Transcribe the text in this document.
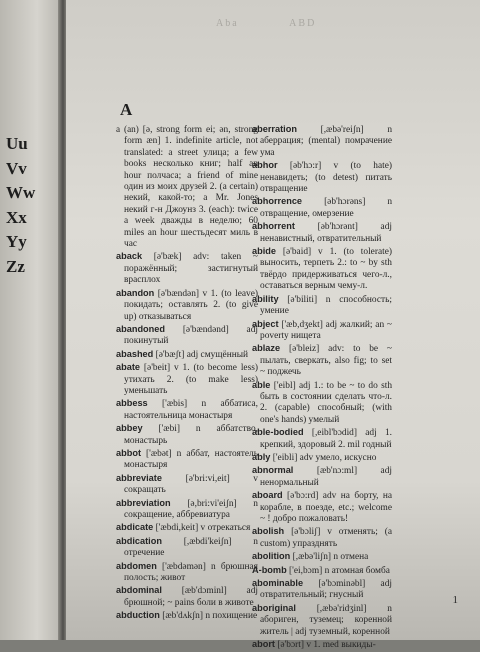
Uu
Vv
Ww
Xx
Yy
Zz
Abа	ABD
A

a (an) [ə, strong form ei; ən, strong form æn] 1. indefinite article, not translated: a street улица; a few books несколько книг; half an hour полчаса; a friend of mine один из моих друзей 2. (a certain) некий, какой-то; a Mr. Jones некий г-н Джоунз 3. (each): twice a week дважды в неделю; 60 miles an hour шестьдесят миль в час

aback [ə'bæk] adv: taken ~ поражённый; застигнутый врасплох

abandon [ə'bændən] v 1. (to leave) покидать; оставлять 2. (to give up) отказываться

abandoned [ə'bændənd] adj покинутый

abashed [ə'bæʃt] adj смущённый

abate [ə'beit] v 1. (to become less) утихать 2. (to make less) уменьшать

abbess ['æbis] n аббатиса, настоятельница монастыря

abbey ['æbi] n аббатство, монастырь

abbot ['æbət] n аббат, настоятель монастыря

abbreviate	[ə'bri:vi,eit] v сокращать

abbreviation [ə,bri:vi'eiʃn] n сокращение, аббревиатура

abdicate ['æbdi,keit] v отрекаться

abdication [,æbdi'keiʃn] n отречение

abdomen ['æbdəmən] n брюшная полость; живот

abdominal [æb'dɔminl] adj брюшной; ~ pains боли в животе

abduction [æb'dʌkʃn] n похищение

aberration	[,æbə'reiʃn] n аберрация; (mental) помрачение ума

abhor [əb'hɔ:r] v (to hate) ненавидеть; (to detest) питать отвращение

abhorrence [əb'hɔrəns] n отвращение, омерзение

abhorrent [əb'hɔrənt] adj ненавистный, отвратительный

abide [ə'baid] v 1. (to tolerate) выносить, терпеть 2.: to ~ by sth твёрдо придерживаться чего-л., оставаться верным чему-л.

ability [ə'biliti] n способность; умение

abject ['æb,dʒekt] adj жалкий; an ~ poverty нищета

ablaze [ə'bleiz] adv: to be ~ пылать, сверкать, also fig; to set ~ поджечь

able ['eibl] adj 1.: to be ~ to do sth быть в состоянии сделать что-л. 2. (capable) способный; (with one's hands) умелый

able-bodied [,eibl'bɔdid] adj 1. крепкий, здоровый 2. mil годный

ably ['eibli] adv умело, искусно

abnormal [æb'nɔ:ml] adj ненормальный

aboard [ə'bɔ:rd] adv на борту, на корабле, в поезде, etc.; welcome ~ ! добро пожаловать!

abolish [ə'bɔliʃ] v отменять; (a custom) упразднять

abolition [,æbə'liʃn] n отмена

A-bomb ['ei,bɔm] n атомная бомба

abominable [ə'bɔminəbl] adj отвратительный; гнусный

aboriginal [,æbə'ridʒinl] n абориген, туземец; коренной житель | adj туземный, коренной

abort [ə'bɔrt] v 1. med выкиды-

1
